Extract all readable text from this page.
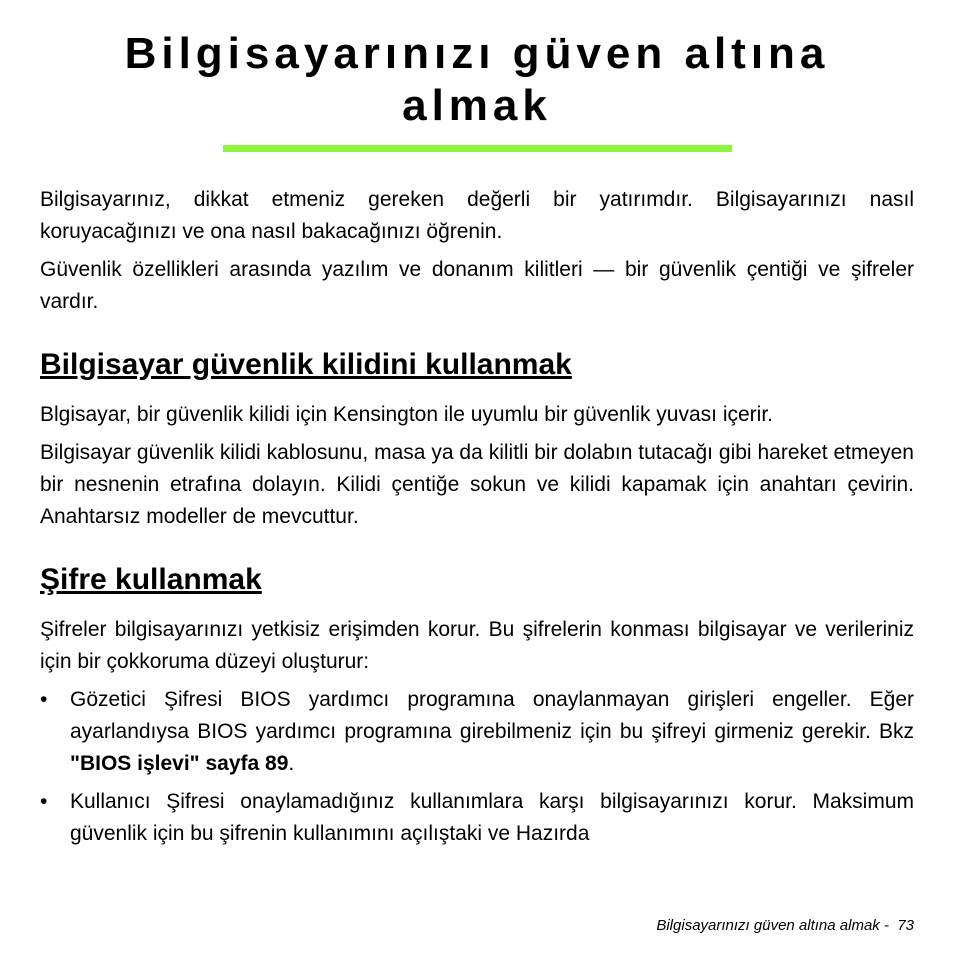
Bilgisayarınızı güven altına
almak

Bilgisayarınız, dikkat etmeniz gereken değerli bir yatırımdır. Bilgisayarınızı nasıl koruyacağınızı ve ona nasıl bakacağınızı öğrenin.

Güvenlik özellikleri arasında yazılım ve donanım kilitleri — bir güvenlik çentiği ve şifreler vardır.

Bilgisayar güvenlik kilidini kullanmak

Blgisayar, bir güvenlik kilidi için Kensington ile uyumlu bir güvenlik yuvası içerir.

Bilgisayar güvenlik kilidi kablosunu, masa ya da kilitli bir dolabın tutacağı gibi hareket etmeyen bir nesnenin etrafına dolayın. Kilidi çentiğe sokun ve kilidi kapamak için anahtarı çevirin. Anahtarsız modeller de mevcuttur.

Şifre kullanmak

Şifreler bilgisayarınızı yetkisiz erişimden korur. Bu şifrelerin konması bilgisayar ve verileriniz için bir çokkoruma düzeyi oluşturur:

• Gözetici Şifresi BIOS yardımcı programına onaylanmayan girişleri engeller. Eğer ayarlandıysa BIOS yardımcı programına girebilmeniz için bu şifreyi girmeniz gerekir. Bkz "BIOS işlevi" sayfa 89.
• Kullanıcı Şifresi onaylamadığınız kullanımlara karşı bilgisayarınızı korur. Maksimum güvenlik için bu şifrenin kullanımını açılıştaki ve Hazırda
Bilgisayarınızı güven altına almak - 73
